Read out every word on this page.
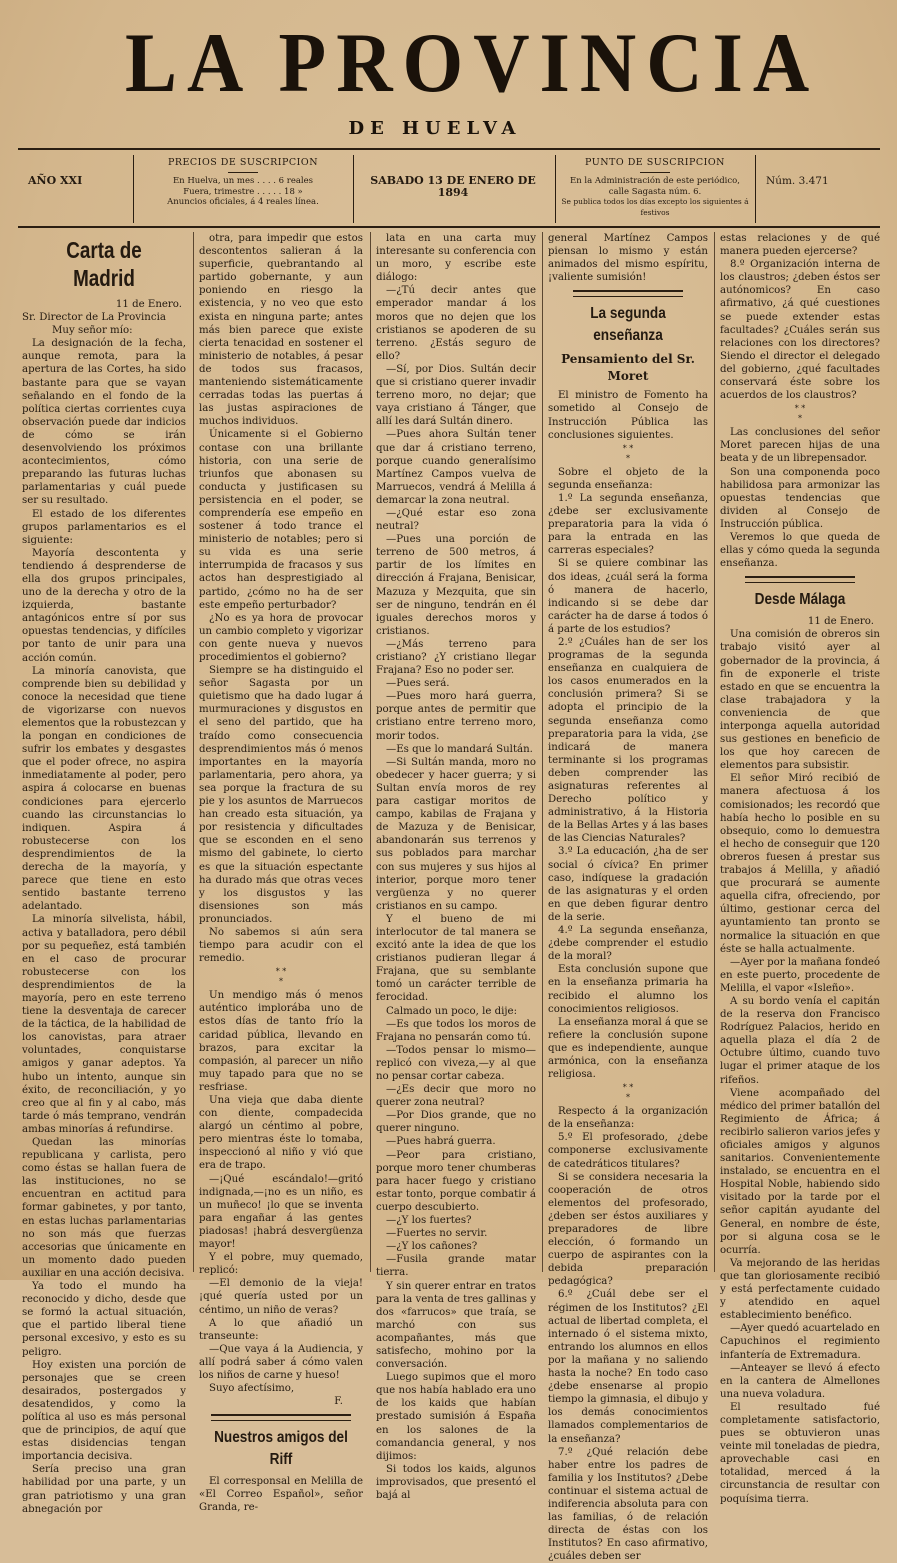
LA PROVINCIA
DE HUELVA
AÑO XXI
PRECIOS DE SUSCRIPCION
En Huelva, un mes . . . . 6 reales
Fuera, trimestre . . . . . 18 »
Anuncios oficiales, á 4 reales línea.
SABADO 13 DE ENERO DE 1894
PUNTO DE SUSCRIPCION
En la Administración de este periódico,
calle Sagasta núm. 6.
Se publica todos los días excepto los siguientes á festivos
Núm. 3.471
Carta de Madrid
11 de Enero.
Sr. Director de La Provincia
Muy señor mío:

La designación de la fecha, aunque remota, para la apertura de las Cortes, ha sido bastante para que se vayan señalando en el fondo de la política ciertas corrientes cuya observación puede dar indicios de cómo se irán desenvolviendo los próximos acontecimientos, cómo preparando las futuras luchas parlamentarias y cuál puede ser su resultado.

El estado de los diferentes grupos parlamentarios es el siguiente:

Mayoría descontenta y tendiendo á desprenderse de ella dos grupos principales, uno de la derecha y otro de la izquierda, bastante antagónicos entre sí por sus opuestas tendencias, y difíciles por tanto de unir para una acción común.

La minoría canovista, que comprende bien su debilidad y conoce la necesidad que tiene de vigorizarse con nuevos elementos que la robustezcan y la pongan en condiciones de sufrir los embates y desgastes que el poder ofrece, no aspira inmediatamente al poder, pero aspira á colocarse en buenas condiciones para ejercerlo cuando las circunstancias lo indiquen. Aspira á robustecerse con los desprendimientos de la derecha de la mayoría, y parece que tiene en esto sentido bastante terreno adelantado.

La minoría silvelista, hábil, activa y batalladora, pero débil por su pequeñez, está también en el caso de procurar robustecerse con los desprendimientos de la mayoría, pero en este terreno tiene la desventaja de carecer de la táctica, de la habilidad de los canovistas, para atraer voluntades, conquistarse amigos y ganar adeptos. Ya hubo un intento, aunque sin éxito, de reconciliación, y yo creo que al fin y al cabo, más tarde ó más temprano, vendrán ambas minorías á refundirse.

Quedan las minorías republicana y carlista, pero como éstas se hallan fuera de las instituciones, no se encuentran en actitud para formar gabinetes, y por tanto, en estas luchas parlamentarias no son más que fuerzas accesorias que únicamente en un momento dado pueden auxiliar en una acción decisiva.

Ya todo el mundo ha reconocido y dicho, desde que se formó la actual situación, que el partido liberal tiene personal excesivo, y esto es su peligro.

Hoy existen una porción de personajes que se creen desairados, postergados y desatendidos, y como la política al uso es más personal que de principios, de aquí que estas disidencias tengan importancia decisiva.

Sería preciso una gran habilidad por una parte, y un gran patriotismo y una gran abnegación por

otra, para impedir que estos descontentos salieran á la superficie, quebrantando al partido gobernante, y aun poniendo en riesgo la existencia, y no veo que esto exista en ninguna parte; antes más bien parece que existe cierta tenacidad en sostener el ministerio de notables, á pesar de todos sus fracasos, manteniendo sistemáticamente cerradas todas las puertas á las justas aspiraciones de muchos individuos.

Únicamente si el Gobierno contase con una brillante historia, con una serie de triunfos que abonasen su conducta y justificasen su persistencia en el poder, se comprendería ese empeño en sostener á todo trance el ministerio de notables; pero si su vida es una serie interrumpida de fracasos y sus actos han desprestigiado al partido, ¿cómo no ha de ser este empeño perturbador?

¿No es ya hora de provocar un cambio completo y vigorizar con gente nueva y nuevos procedimientos el gobierno?

Siempre se ha distinguido el señor Sagasta por un quietismo que ha dado lugar á murmuraciones y disgustos en el seno del partido, que ha traído como consecuencia desprendimientos más ó menos importantes en la mayoría parlamentaria, pero ahora, ya sea porque la fractura de su pie y los asuntos de Marruecos han creado esta situación, ya por resistencia y dificultades que se esconden en el seno mismo del gabinete, lo cierto es que la situación espectante ha durado más que otras veces y los disgustos y las disensiones son más pronunciados.

No sabemos si aún sera tiempo para acudir con el remedio.

* *
*

Un mendigo más ó menos auténtico implorába uno de estos días de tanto frío la caridad pública, llevando en brazos, para excitar la compasión, al parecer un niño muy tapado para que no se resfriase.

Una vieja que daba diente con diente, compadecida alargó un céntimo al pobre, pero mientras éste lo tomaba, inspeccionó al niño y vió que era de trapo.

—¡Qué escándalo!—gritó indignada,—¡no es un niño, es un muñeco! ¡lo que se inventa para engañar á las gentes piadosas! ¡habrá desvergüenza mayor!

Y el pobre, muy quemado, replicó:

—El demonio de la vieja! ¡qué quería usted por un céntimo, un niño de veras?

A lo que añadió un transeunte:

—Que vaya á la Audiencia, y allí podrá saber á cómo valen los niños de carne y hueso!

Suyo afectísimo,

F.
Nuestros amigos del Riff

El corresponsal en Melilla de «El Correo Español», señor Granda, re-

lata en una carta muy interesante su conferencia con un moro, y escribe este diálogo:

—¿Tú decir antes que emperador mandar á los moros que no dejen que los cristianos se apoderen de su terreno. ¿Estás seguro de ello?

—Sí, por Dios. Sultán decir que si cristiano querer invadir terreno moro, no dejar; que vaya cristiano á Tánger, que allí les dará Sultán dinero.

—Pues ahora Sultán tener que dar á cristiano terreno, porque cuando generalísimo Martínez Campos vuelva de Marruecos, vendrá á Melilla á demarcar la zona neutral.

—¿Qué estar eso zona neutral?

—Pues una porción de terreno de 500 metros, á partir de los límites en dirección á Frajana, Benisicar, Mazuza y Mezquita, que sin ser de ninguno, tendrán en él iguales derechos moros y cristianos.

—¿Más terreno para cristiano? ¿Y cristiano llegar Frajana? Eso no poder ser.

—Pues será.

—Pues moro hará guerra, porque antes de permitir que cristiano entre terreno moro, morir todos.

—Es que lo mandará Sultán.

—Si Sultán manda, moro no obedecer y hacer guerra; y si Sultan envía moros de rey para castigar moritos de campo, kabilas de Frajana y de Mazuza y de Benisicar, abandonarán sus terrenos y sus poblados para marchar con sus mujeres y sus hijos al interior, porque moro tener vergüenza y no querer cristianos en su campo.

Y el bueno de mi interlocutor de tal manera se excitó ante la idea de que los cristianos pudieran llegar á Frajana, que su semblante tomó un carácter terrible de ferocidad.

Calmado un poco, le dije:

—Es que todos los moros de Frajana no pensarán como tú.

—Todos pensar lo mismo—replicó con viveza,—y al que no pensar cortar cabeza.

—¿Es decir que moro no querer zona neutral?

—Por Dios grande, que no querer ninguno.

—Pues habrá guerra.

—Peor para cristiano, porque moro tener chumberas para hacer fuego y cristiano estar tonto, porque combatir á cuerpo descubierto.

—¿Y los fuertes?

—Fuertes no servir.

—¿Y los cañones?

—Fusila grande matar tierra.

Y sin querer entrar en tratos para la venta de tres gallinas y dos «farrucos» que traía, se marchó con sus acompañantes, más que satisfecho, mohino por la conversación.

Luego supimos que el moro que nos había hablado era uno de los kaids que habían prestado sumisión á España en los salones de la comandancia general, y nos dijimos:

Si todos los kaids, algunos improvisados, que presentó el bajá al

general Martínez Campos piensan lo mismo y están animados del mismo espíritu, ¡valiente sumisión!

La segunda enseñanza
Pensamiento del Sr. Moret

El ministro de Fomento ha sometido al Consejo de Instrucción Pública las conclusiones siguientes.

* *
*

Sobre el objeto de la segunda enseñanza:

1.º La segunda enseñanza, ¿debe ser exclusivamente preparatoria para la vida ó para la entrada en las carreras especiales?

Si se quiere combinar las dos ideas, ¿cuál será la forma ó manera de hacerlo, indicando si se debe dar carácter ha de darse á todos ó á parte de los estudios?

2.º ¿Cuáles han de ser los programas de la segunda enseñanza en cualquiera de los casos enumerados en la conclusión primera? Si se adopta el principio de la segunda enseñanza como preparatoria para la vida, ¿se indicará de manera terminante si los programas deben comprender las asignaturas referentes al Derecho político y administrativo, á la Historia de la Bellas Artes y á las bases de las Ciencias Naturales?

3.º La educación, ¿ha de ser social ó cívica? En primer caso, indíquese la gradación de las asignaturas y el orden en que deben figurar dentro de la serie.

4.º La segunda enseñanza, ¿debe comprender el estudio de la moral?

Esta conclusión supone que en la enseñanza primaria ha recibido el alumno los conocimientos religiosos.

La enseñanza moral á que se refiere la conclusión supone que es independiente, aunque armónica, con la enseñanza religiosa.

* *
*

Respecto á la organización de la enseñanza:

5.º El profesorado, ¿debe componerse exclusivamente de catedráticos titulares?

Si se considera necesaria la cooperación de otros elementos del profesorado, ¿deben ser éstos auxiliares y preparadores de libre elección, ó formando un cuerpo de aspirantes con la debida preparación pedagógica?

6.º ¿Cuál debe ser el régimen de los Institutos? ¿El actual de libertad completa, el internado ó el sistema mixto, entrando los alumnos en ellos por la mañana y no saliendo hasta la noche? En todo caso ¿debe ensenarse al propio tiempo la gimnasia, el dibujo y los demás conocimientos llamados complementarios de la enseñanza?

7.º ¿Qué relación debe haber entre los padres de familia y los Institutos? ¿Debe continuar el sistema actual de indiferencia absoluta para con las familias, ó de relación directa de éstas con los Institutos? En caso afirmativo, ¿cuáles deben ser

estas relaciones y de qué manera pueden ejercerse?

8.º Organización interna de los claustros; ¿deben éstos ser autónomicos? En caso afirmativo, ¿á qué cuestiones se puede extender estas facultades? ¿Cuáles serán sus relaciones con los directores? Siendo el director el delegado del gobierno, ¿qué facultades conservará éste sobre los acuerdos de los claustros?

* *
*

Las conclusiones del señor Moret parecen hijas de una beata y de un librepensador.

Son una componenda poco habilidosa para armonizar las opuestas tendencias que dividen al Consejo de Instrucción pública.

Veremos lo que queda de ellas y cómo queda la segunda enseñanza.

Desde Málaga
11 de Enero.

Una comisión de obreros sin trabajo visitó ayer al gobernador de la provincia, á fin de exponerle el triste estado en que se encuentra la clase trabajadora y la conveniencia de que interponga aquella autoridad sus gestiones en beneficio de los que hoy carecen de elementos para subsistir.

El señor Miró recibió de manera afectuosa á los comisionados; les recordó que había hecho lo posible en su obsequio, como lo demuestra el hecho de conseguir que 120 obreros fuesen á prestar sus trabajos á Melilla, y añadió que procurará se aumente aquella cifra, ofreciendo, por último, gestionar cerca del ayuntamiento tan pronto se normalice la situación en que éste se halla actualmente.

—Ayer por la mañana fondeó en este puerto, procedente de Melilla, el vapor «Isleño».

A su bordo venía el capitán de la reserva don Francisco Rodríguez Palacios, herido en aquella plaza el día 2 de Octubre último, cuando tuvo lugar el primer ataque de los rifeños.

Viene acompañado del médico del primer batallón del Regimiento de África; á recibirlo salieron varios jefes y oficiales amigos y algunos sanitarios. Convenientemente instalado, se encuentra en el Hospital Noble, habiendo sido visitado por la tarde por el señor capitán ayudante del General, en nombre de éste, por si alguna cosa se le ocurría.

Va mejorando de las heridas que tan gloriosamente recibió y está perfectamente cuidado y atendido en aquel establecimiento benéfico.

—Ayer quedó acuartelado en Capuchinos el regimiento infantería de Extremadura.

—Anteayer se llevó á efecto en la cantera de Almellones una nueva voladura.

El resultado fué completamente satisfactorio, pues se obtuvieron unas veinte mil toneladas de piedra, aprovechable casi en totalidad, merced á la circunstancia de resultar con poquísima tierra.
